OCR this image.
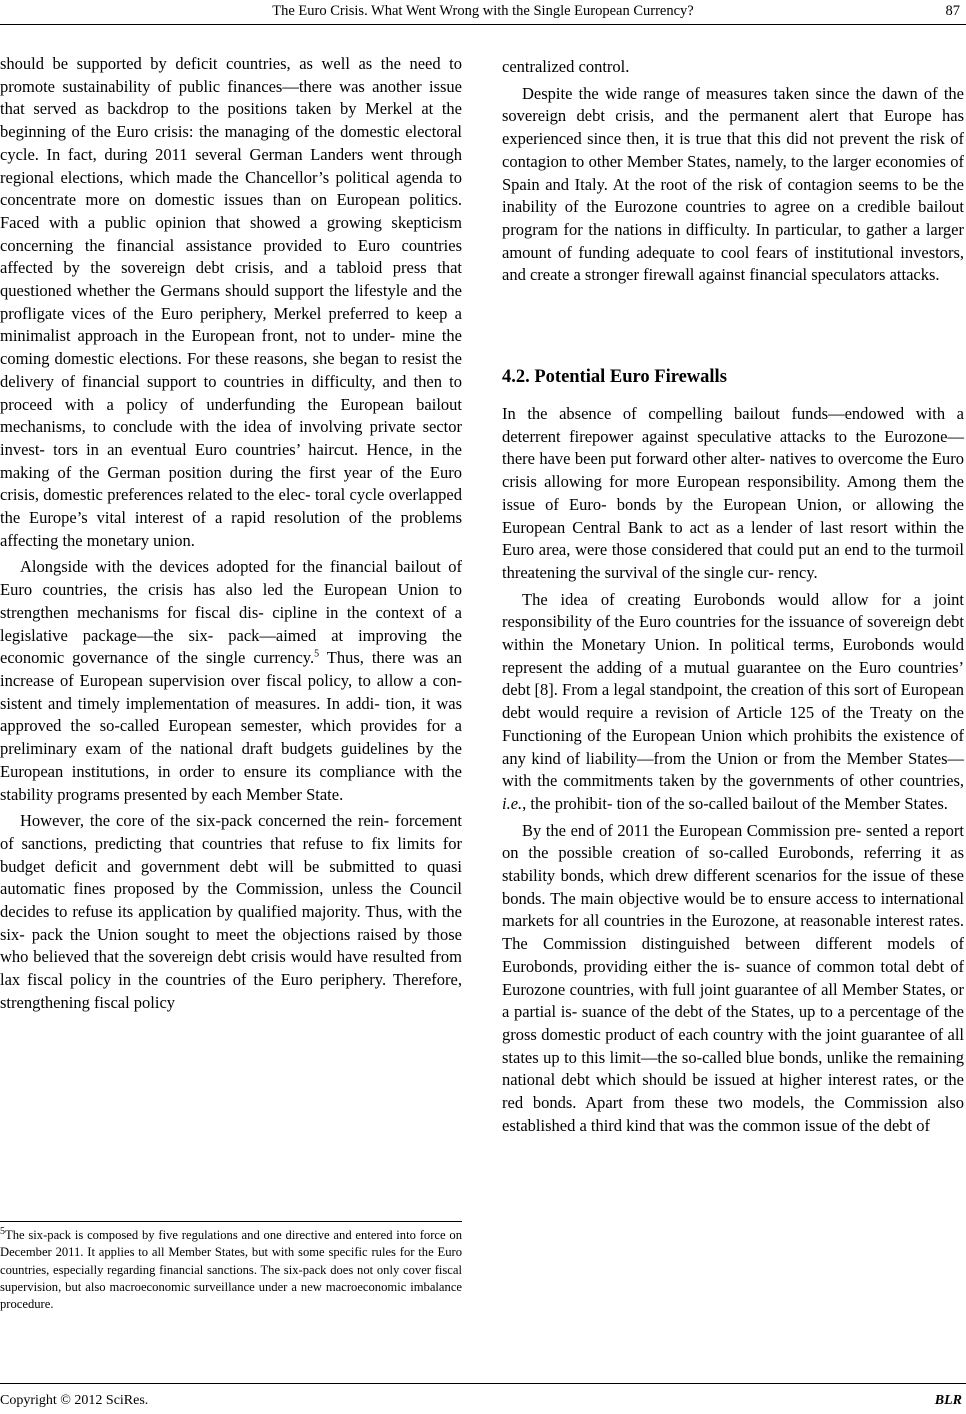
The Euro Crisis. What Went Wrong with the Single European Currency?	87

should be supported by deficit countries, as well as the need to promote sustainability of public finances—there was another issue that served as backdrop to the positions taken by Merkel at the beginning of the Euro crisis: the managing of the domestic electoral cycle. In fact, during 2011 several German Landers went through regional elections, which made the Chancellor’s political agenda to concentrate more on domestic issues than on European politics. Faced with a public opinion that showed a growing skepticism concerning the financial assistance provided to Euro countries affected by the sovereign debt crisis, and a tabloid press that questioned whether the Germans should support the lifestyle and the profligate vices of the Euro periphery, Merkel preferred to keep a minimalist approach in the European front, not to under- mine the coming domestic elections. For these reasons, she began to resist the delivery of financial support to countries in difficulty, and then to proceed with a policy of underfunding the European bailout mechanisms, to conclude with the idea of involving private sector invest- tors in an eventual Euro countries’ haircut. Hence, in the making of the German position during the first year of the Euro crisis, domestic preferences related to the elec- toral cycle overlapped the Europe’s vital interest of a rapid resolution of the problems affecting the monetary union.

Alongside with the devices adopted for the financial bailout of Euro countries, the crisis has also led the European Union to strengthen mechanisms for fiscal dis- cipline in the context of a legislative package—the six- pack—aimed at improving the economic governance of the single currency.$^5$ Thus, there was an increase of European supervision over fiscal policy, to allow a con- sistent and timely implementation of measures. In addi- tion, it was approved the so-called European semester, which provides for a preliminary exam of the national draft budgets guidelines by the European institutions, in order to ensure its compliance with the stability programs presented by each Member State.

However, the core of the six-pack concerned the rein- forcement of sanctions, predicting that countries that refuse to fix limits for budget deficit and government debt will be submitted to quasi automatic fines proposed by the Commission, unless the Council decides to refuse its application by qualified majority. Thus, with the six- pack the Union sought to meet the objections raised by those who believed that the sovereign debt crisis would have resulted from lax fiscal policy in the countries of the Euro periphery. Therefore, strengthening fiscal policy

$^5$The six-pack is composed by five regulations and one directive and entered into force on December 2011. It applies to all Member States, but with some specific rules for the Euro countries, especially regarding financial sanctions. The six-pack does not only cover fiscal supervision, but also macroeconomic surveillance under a new macroeconomic imbalance procedure.

centralized control.

Despite the wide range of measures taken since the dawn of the sovereign debt crisis, and the permanent alert that Europe has experienced since then, it is true that this did not prevent the risk of contagion to other Member States, namely, to the larger economies of Spain and Italy. At the root of the risk of contagion seems to be the inability of the Eurozone countries to agree on a credible bailout program for the nations in difficulty. In particular, to gather a larger amount of funding adequate to cool fears of institutional investors, and create a stronger firewall against financial speculators attacks.

4.2. Potential Euro Firewalls

In the absence of compelling bailout funds—endowed with a deterrent firepower against speculative attacks to the Eurozone—there have been put forward other alter- natives to overcome the Euro crisis allowing for more European responsibility. Among them the issue of Euro- bonds by the European Union, or allowing the European Central Bank to act as a lender of last resort within the Euro area, were those considered that could put an end to the turmoil threatening the survival of the single cur- rency.

The idea of creating Eurobonds would allow for a joint responsibility of the Euro countries for the issuance of sovereign debt within the Monetary Union. In political terms, Eurobonds would represent the adding of a mutual guarantee on the Euro countries’ debt [8]. From a legal standpoint, the creation of this sort of European debt would require a revision of Article 125 of the Treaty on the Functioning of the European Union which prohibits the existence of any kind of liability—from the Union or from the Member States—with the commitments taken by the governments of other countries, i.e., the prohibit- tion of the so-called bailout of the Member States.

By the end of 2011 the European Commission pre- sented a report on the possible creation of so-called Eurobonds, referring it as stability bonds, which drew different scenarios for the issue of these bonds. The main objective would be to ensure access to international markets for all countries in the Eurozone, at reasonable interest rates. The Commission distinguished between different models of Eurobonds, providing either the is- suance of common total debt of Eurozone countries, with full joint guarantee of all Member States, or a partial is- suance of the debt of the States, up to a percentage of the gross domestic product of each country with the joint guarantee of all states up to this limit—the so-called blue bonds, unlike the remaining national debt which should be issued at higher interest rates, or the red bonds. Apart from these two models, the Commission also established a third kind that was the common issue of the debt of

Copyright © 2012 SciRes.	BLR
